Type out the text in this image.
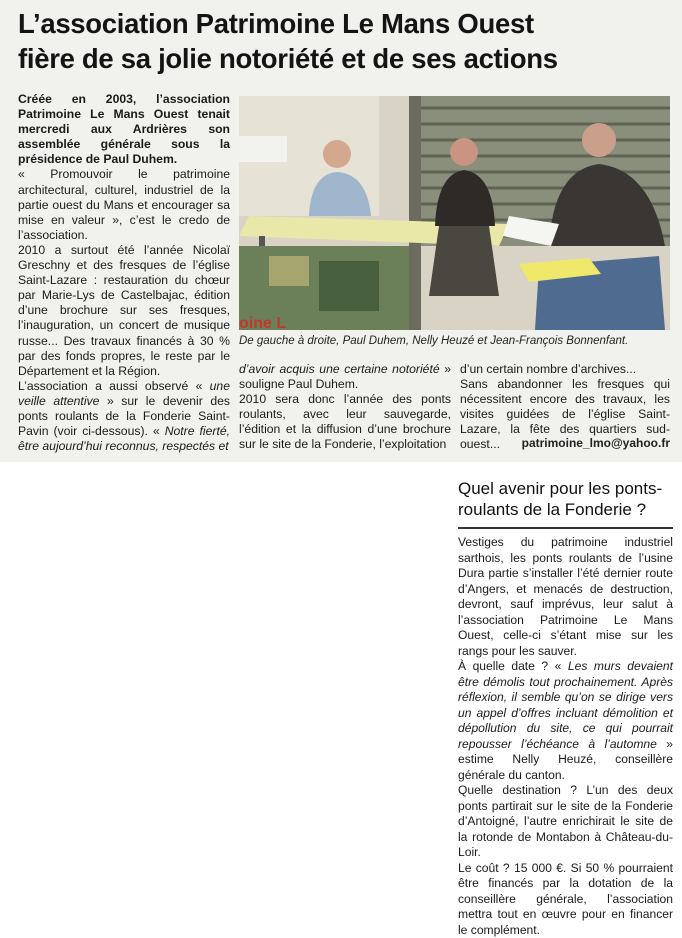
L’association Patrimoine Le Mans Ouest
fière de sa jolie notoriété et de ses actions

Créée en 2003, l’association Patrimoine Le Mans Ouest tenait mercredi aux Ardrières son assemblée générale sous la présidence de Paul Duhem.

« Promouvoir le patrimoine architectural, culturel, industriel de la partie ouest du Mans et encourager sa mise en valeur », c’est le credo de l’association.

2010 a surtout été l’année Nicolaï Greschny et des fresques de l’église Saint-Lazare : restauration du chœur par Marie-Lys de Castelbajac, édition d’une brochure sur ses fresques, l’inauguration, un concert de musique russe... Des travaux financés à 30 % par des fonds propres, le reste par le Département et la Région.

L’association a aussi observé « une veille attentive » sur le devenir des ponts roulants de la Fonderie Saint-Pavin (voir ci-dessous). « Notre fierté, être aujourd’hui reconnus, respectés et

oine L
De gauche à droite, Paul Duhem, Nelly Heuzé et Jean-François Bonnenfant.

d’avoir acquis une certaine notoriété » souligne Paul Duhem.

2010 sera donc l’année des ponts roulants, avec leur sauvegarde, l’édition et la diffusion d’une brochure sur le site de la Fonderie, l’exploitation

d’un certain nombre d’archives...

Sans abandonner les fresques qui nécessitent encore des travaux, les visites guidées de l’église Saint-Lazare, la fête des quartiers sud-ouest...	patrimoine_lmo@yahoo.fr
Quel avenir pour les ponts-roulants de la Fonderie ?

Vestiges du patrimoine industriel sarthois, les ponts roulants de l’usine Dura partie s’installer l’été dernier route d’Angers, et menacés de destruction, devront, sauf imprévus, leur salut à l’association Patrimoine Le Mans Ouest, celle-ci s’étant mise sur les rangs pour les sauver.

À quelle date ? « Les murs devaient être démolis tout prochainement. Après réflexion, il semble qu’on se dirige vers un appel d’offres incluant démolition et dépollution du site, ce qui pourrait repousser l’échéance à l’automne » estime Nelly Heuzé, conseillère générale du canton.

Quelle destination ? L’un des deux ponts partirait sur le site de la Fonderie d’Antoigné, l’autre enrichirait le site de la rotonde de Montabon à Château-du-Loir.

Le coût ? 15 000 €. Si 50 % pourraient être financés par la dotation de la conseillère générale, l’association mettra tout en œuvre pour en financer le complément.
